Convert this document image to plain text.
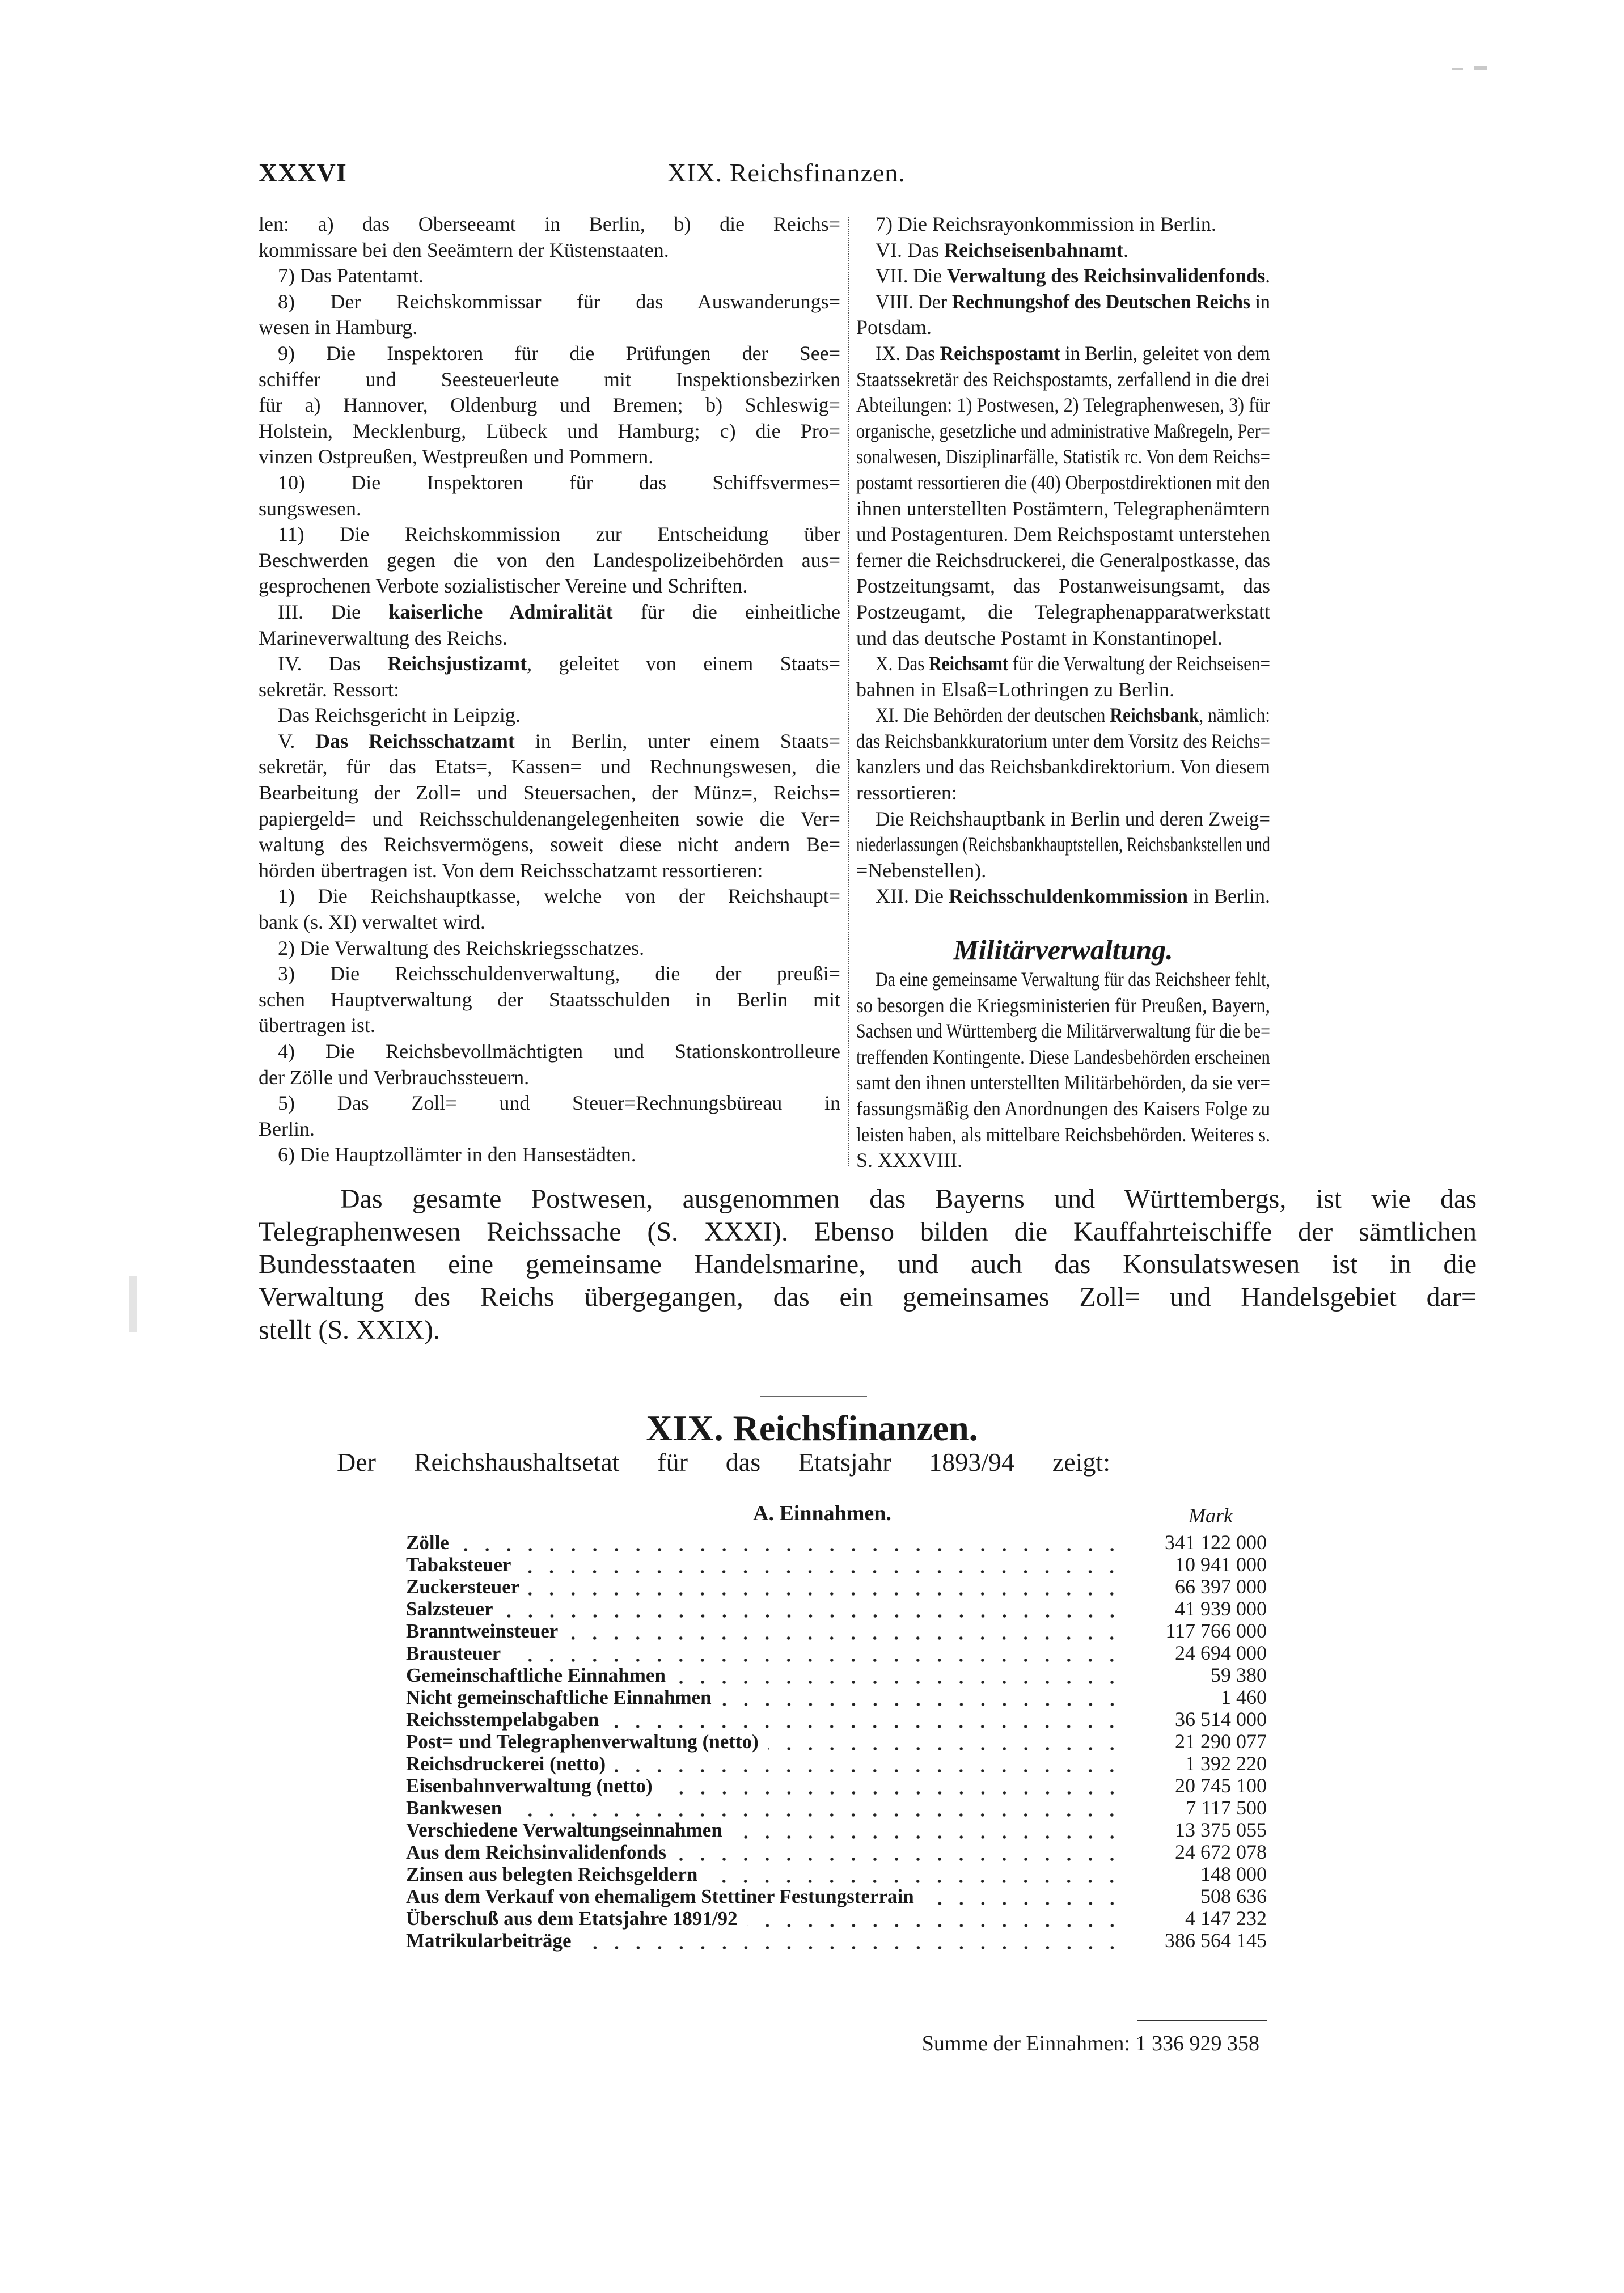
XXXVI	XIX. Reichsfinanzen.
len: a) das Oberseeamt in Berlin, b) die Reichs=
kommissare bei den Seeämtern der Küstenstaaten.
7) Das Patentamt.
8) Der Reichskommissar für das Auswanderungs=
wesen in Hamburg.
9) Die Inspektoren für die Prüfungen der See=
schiffer und Seesteuerleute mit Inspektionsbezirken
für a) Hannover, Oldenburg und Bremen; b) Schleswig=
Holstein, Mecklenburg, Lübeck und Hamburg; c) die Pro=
vinzen Ostpreußen, Westpreußen und Pommern.
10) Die Inspektoren für das Schiffsvermes=
sungswesen.
11) Die Reichskommission zur Entscheidung über
Beschwerden gegen die von den Landespolizeibehörden aus=
gesprochenen Verbote sozialistischer Vereine und Schriften.
III. Die kaiserliche Admiralität für die einheitliche
Marineverwaltung des Reichs.
IV. Das Reichsjustizamt, geleitet von einem Staats=
sekretär. Ressort:
Das Reichsgericht in Leipzig.
V. Das Reichsschatzamt in Berlin, unter einem Staats=
sekretär, für das Etats=, Kassen= und Rechnungswesen, die
Bearbeitung der Zoll= und Steuersachen, der Münz=, Reichs=
papiergeld= und Reichsschuldenangelegenheiten sowie die Ver=
waltung des Reichsvermögens, soweit diese nicht andern Be=
hörden übertragen ist. Von dem Reichsschatzamt ressortieren:
1) Die Reichshauptkasse, welche von der Reichshaupt=
bank (s. XI) verwaltet wird.
2) Die Verwaltung des Reichskriegsschatzes.
3) Die Reichsschuldenverwaltung, die der preußi=
schen Hauptverwaltung der Staatsschulden in Berlin mit
übertragen ist.
4) Die Reichsbevollmächtigten und Stationskontrolleure
der Zölle und Verbrauchssteuern.
5) Das Zoll= und Steuer=Rechnungsbüreau in
Berlin.
6) Die Hauptzollämter in den Hansestädten.
7) Die Reichsrayonkommission in Berlin.
VI. Das Reichseisenbahnamt.
VII. Die Verwaltung des Reichsinvalidenfonds.
VIII. Der Rechnungshof des Deutschen Reichs in
Potsdam.
IX. Das Reichspostamt in Berlin, geleitet von dem
Staatssekretär des Reichspostamts, zerfallend in die drei
Abteilungen: 1) Postwesen, 2) Telegraphenwesen, 3) für
organische, gesetzliche und administrative Maßregeln, Per=
sonalwesen, Disziplinarfälle, Statistik rc. Von dem Reichs=
postamt ressortieren die (40) Oberpostdirektionen mit den
ihnen unterstellten Postämtern, Telegraphenämtern
und Postagenturen. Dem Reichspostamt unterstehen
ferner die Reichsdruckerei, die Generalpostkasse, das
Postzeitungsamt, das Postanweisungsamt, das
Postzeugamt, die Telegraphenapparatwerkstatt
und das deutsche Postamt in Konstantinopel.
X. Das Reichsamt für die Verwaltung der Reichseisen=
bahnen in Elsaß=Lothringen zu Berlin.
XI. Die Behörden der deutschen Reichsbank, nämlich:
das Reichsbankkuratorium unter dem Vorsitz des Reichs=
kanzlers und das Reichsbankdirektorium. Von diesem
ressortieren:
Die Reichshauptbank in Berlin und deren Zweig=
niederlassungen (Reichsbankhauptstellen, Reichsbankstellen und
=Nebenstellen).
XII. Die Reichsschuldenkommission in Berlin.
Militärverwaltung.
Da eine gemeinsame Verwaltung für das Reichsheer fehlt,
so besorgen die Kriegsministerien für Preußen, Bayern,
Sachsen und Württemberg die Militärverwaltung für die be=
treffenden Kontingente. Diese Landesbehörden erscheinen
samt den ihnen unterstellten Militärbehörden, da sie ver=
fassungsmäßig den Anordnungen des Kaisers Folge zu
leisten haben, als mittelbare Reichsbehörden. Weiteres s.
S. XXXVIII.
Das gesamte Postwesen, ausgenommen das Bayerns und Württembergs, ist wie das
Telegraphenwesen Reichssache (S. XXXI). Ebenso bilden die Kauffahrteischiffe der sämtlichen
Bundesstaaten eine gemeinsame Handelsmarine, und auch das Konsulatswesen ist in die
Verwaltung des Reichs übergegangen, das ein gemeinsames Zoll= und Handelsgebiet dar=
stellt (S. XXIX).
XIX. Reichsfinanzen.
Der Reichshaushaltsetat für das Etatsjahr 1893/94 zeigt:
A. Einnahmen.	Mark
Zölle	341 122 000
Tabaksteuer	10 941 000
Zuckersteuer	66 397 000
Salzsteuer	41 939 000
Branntweinsteuer	117 766 000
Brausteuer	24 694 000
Gemeinschaftliche Einnahmen	59 380
Nicht gemeinschaftliche Einnahmen	1 460
Reichsstempelabgaben	36 514 000
Post= und Telegraphenverwaltung (netto)	21 290 077
Reichsdruckerei (netto)	1 392 220
Eisenbahnverwaltung (netto)	20 745 100
Bankwesen	7 117 500
Verschiedene Verwaltungseinnahmen	13 375 055
Aus dem Reichsinvalidenfonds	24 672 078
Zinsen aus belegten Reichsgeldern	148 000
Aus dem Verkauf von ehemaligem Stettiner Festungsterrain	508 636
Überschuß aus dem Etatsjahre 1891/92	4 147 232
Matrikularbeiträge	386 564 145
Summe der Einnahmen: 1 336 929 358
